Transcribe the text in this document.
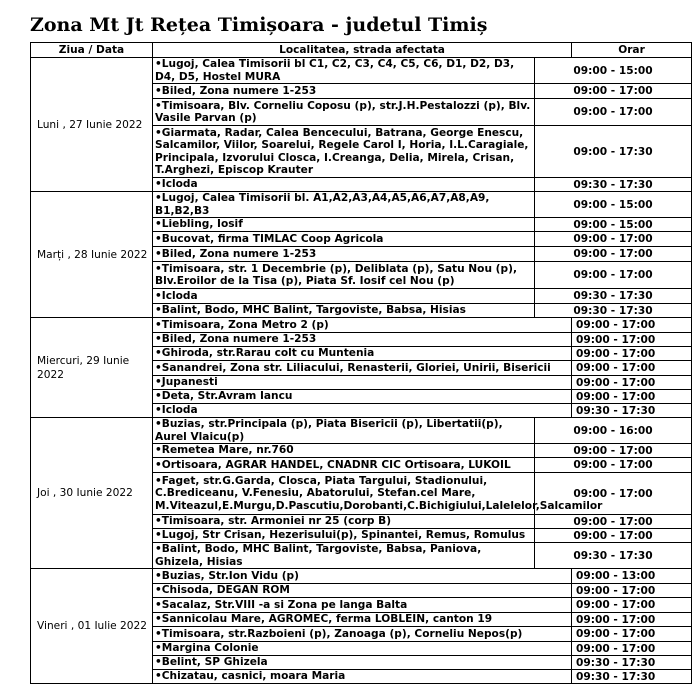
Zona Mt Jt Rețea Timișoara - judetul Timiș
Ziua / Data	Localitatea, strada afectata		Orar
Luni , 27 Iunie 2022	•Lugoj, Calea Timisorii bl C1, C2, C3, C4, C5, C6, D1, D2, D3, D4, D5, Hostel MURA	09:00 - 15:00	
	•Biled, Zona numere 1-253	09:00 - 17:00	
	•Timisoara, Blv. Corneliu Coposu (p), str.J.H.Pestalozzi (p), Blv. Vasile Parvan (p)	09:00 - 17:00	
	•Giarmata, Radar, Calea Bencecului, Batrana, George Enescu, Salcamilor, Viilor, Soarelui, Regele Carol I, Horia, I.L.Caragiale, Principala, Izvorului Closca, I.Creanga, Delia, Mirela, Crisan, T.Arghezi, Episcop Krauter	09:00 - 17:30	
	•Icloda	09:30 - 17:30	
Marți , 28 Iunie 2022	•Lugoj, Calea Timisorii bl. A1,A2,A3,A4,A5,A6,A7,A8,A9, B1,B2,B3	09:00 - 15:00	
	•Liebling, Iosif	09:00 - 15:00	
	•Bucovat, firma TIMLAC Coop Agricola	09:00 - 17:00	
	•Biled, Zona numere 1-253	09:00 - 17:00	
	•Timisoara, str. 1 Decembrie (p), Deliblata (p), Satu Nou (p), Blv.Eroilor de la Tisa (p), Piata Sf. Iosif cel Nou (p)	09:00 - 17:00	
	•Icloda	09:30 - 17:30	
	•Balint, Bodo, MHC Balint, Targoviste, Babsa, Hisias	09:30 - 17:30	
Miercuri, 29 Iunie 2022	•Timisoara, Zona Metro 2 (p)		09:00 - 17:00
	•Biled, Zona numere 1-253		09:00 - 17:00
	•Ghiroda, str.Rarau colt cu Muntenia		09:00 - 17:00
	•Sanandrei, Zona str. Liliacului, Renasterii, Gloriei, Unirii, Bisericii		09:00 - 17:00
	•Jupanesti		09:00 - 17:00
	•Deta, Str.Avram Iancu		09:00 - 17:00
	•Icloda		09:30 - 17:30
Joi , 30 Iunie 2022	•Buzias, str.Principala (p), Piata Bisericii (p), Libertatii(p), Aurel Vlaicu(p)	09:00 - 16:00	
	•Remetea Mare, nr.760	09:00 - 17:00	
	•Ortisoara, AGRAR HANDEL, CNADNR CIC Ortisoara, LUKOIL	09:00 - 17:00	
	•Faget, str.G.Garda, Closca, Piata Targului, Stadionului, C.Brediceanu, V.Fenesiu, Abatorului, Stefan.cel Mare, M.Viteazul,E.Murgu,D.Pascutiu,Dorobanti,C.Bichigiului,Lalelelor,Salcamilor	09:00 - 17:00	
	•Timisoara, str. Armoniei nr 25 (corp B)	09:00 - 17:00	
	•Lugoj, Str Crisan, Hezerisului(p), Spinantei, Remus, Romulus	09:00 - 17:00	
	•Balint, Bodo, MHC Balint, Targoviste, Babsa, Paniova, Ghizela, Hisias	09:30 - 17:30	
Vineri , 01 Iulie 2022	•Buzias, Str.Ion Vidu (p)		09:00 - 13:00
	•Chisoda, DEGAN ROM		09:00 - 17:00
	•Sacalaz, Str.VIII -a si Zona pe langa Balta		09:00 - 17:00
	•Sannicolau Mare, AGROMEC, ferma LOBLEIN, canton 19		09:00 - 17:00
	•Timisoara, str.Razboieni (p), Zanoaga (p), Corneliu Nepos(p)		09:00 - 17:00
	•Margina Colonie		09:00 - 17:00
	•Belint, SP Ghizela		09:30 - 17:30
	•Chizatau, casnici, moara Maria		09:30 - 17:30
